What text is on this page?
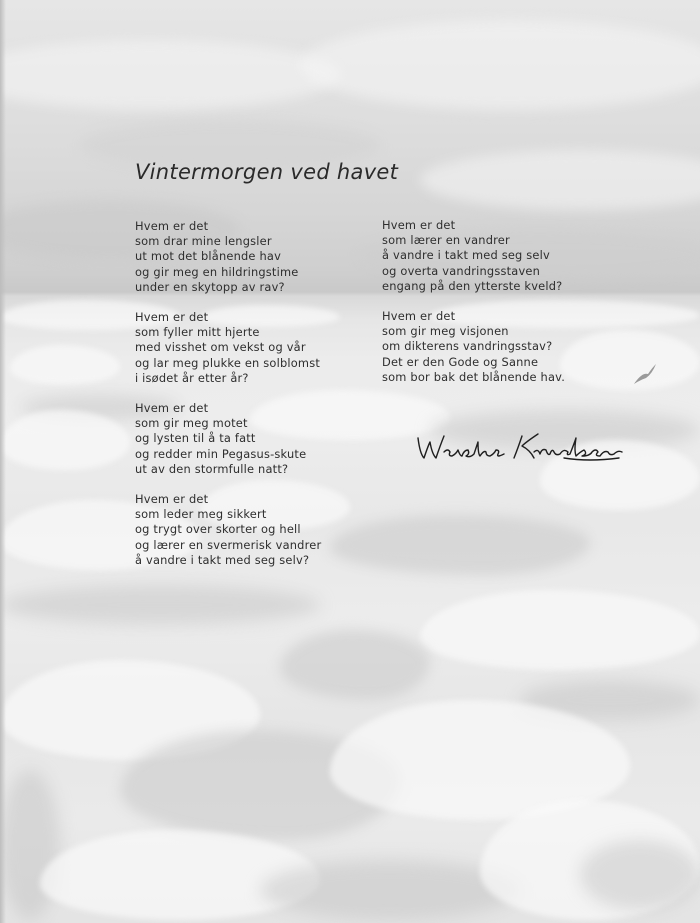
Vintermorgen ved havet
Hvem er det
som drar mine lengsler
ut mot det blånende hav
og gir meg en hildringstime
under en skytopp av rav?
Hvem er det
som fyller mitt hjerte
med visshet om vekst og vår
og lar meg plukke en solblomst
i isødet år etter år?
Hvem er det
som gir meg motet
og lysten til å ta fatt
og redder min Pegasus-skute
ut av den stormfulle natt?
Hvem er det
som leder meg sikkert
og trygt over skorter og hell
og lærer en svermerisk vandrer
å vandre i takt med seg selv?
Hvem er det
som lærer en vandrer
å vandre i takt med seg selv
og overta vandringsstaven
engang på den ytterste kveld?
Hvem er det
som gir meg visjonen
om dikterens vandringsstav?
Det er den Gode og Sanne
som bor bak det blånende hav.
